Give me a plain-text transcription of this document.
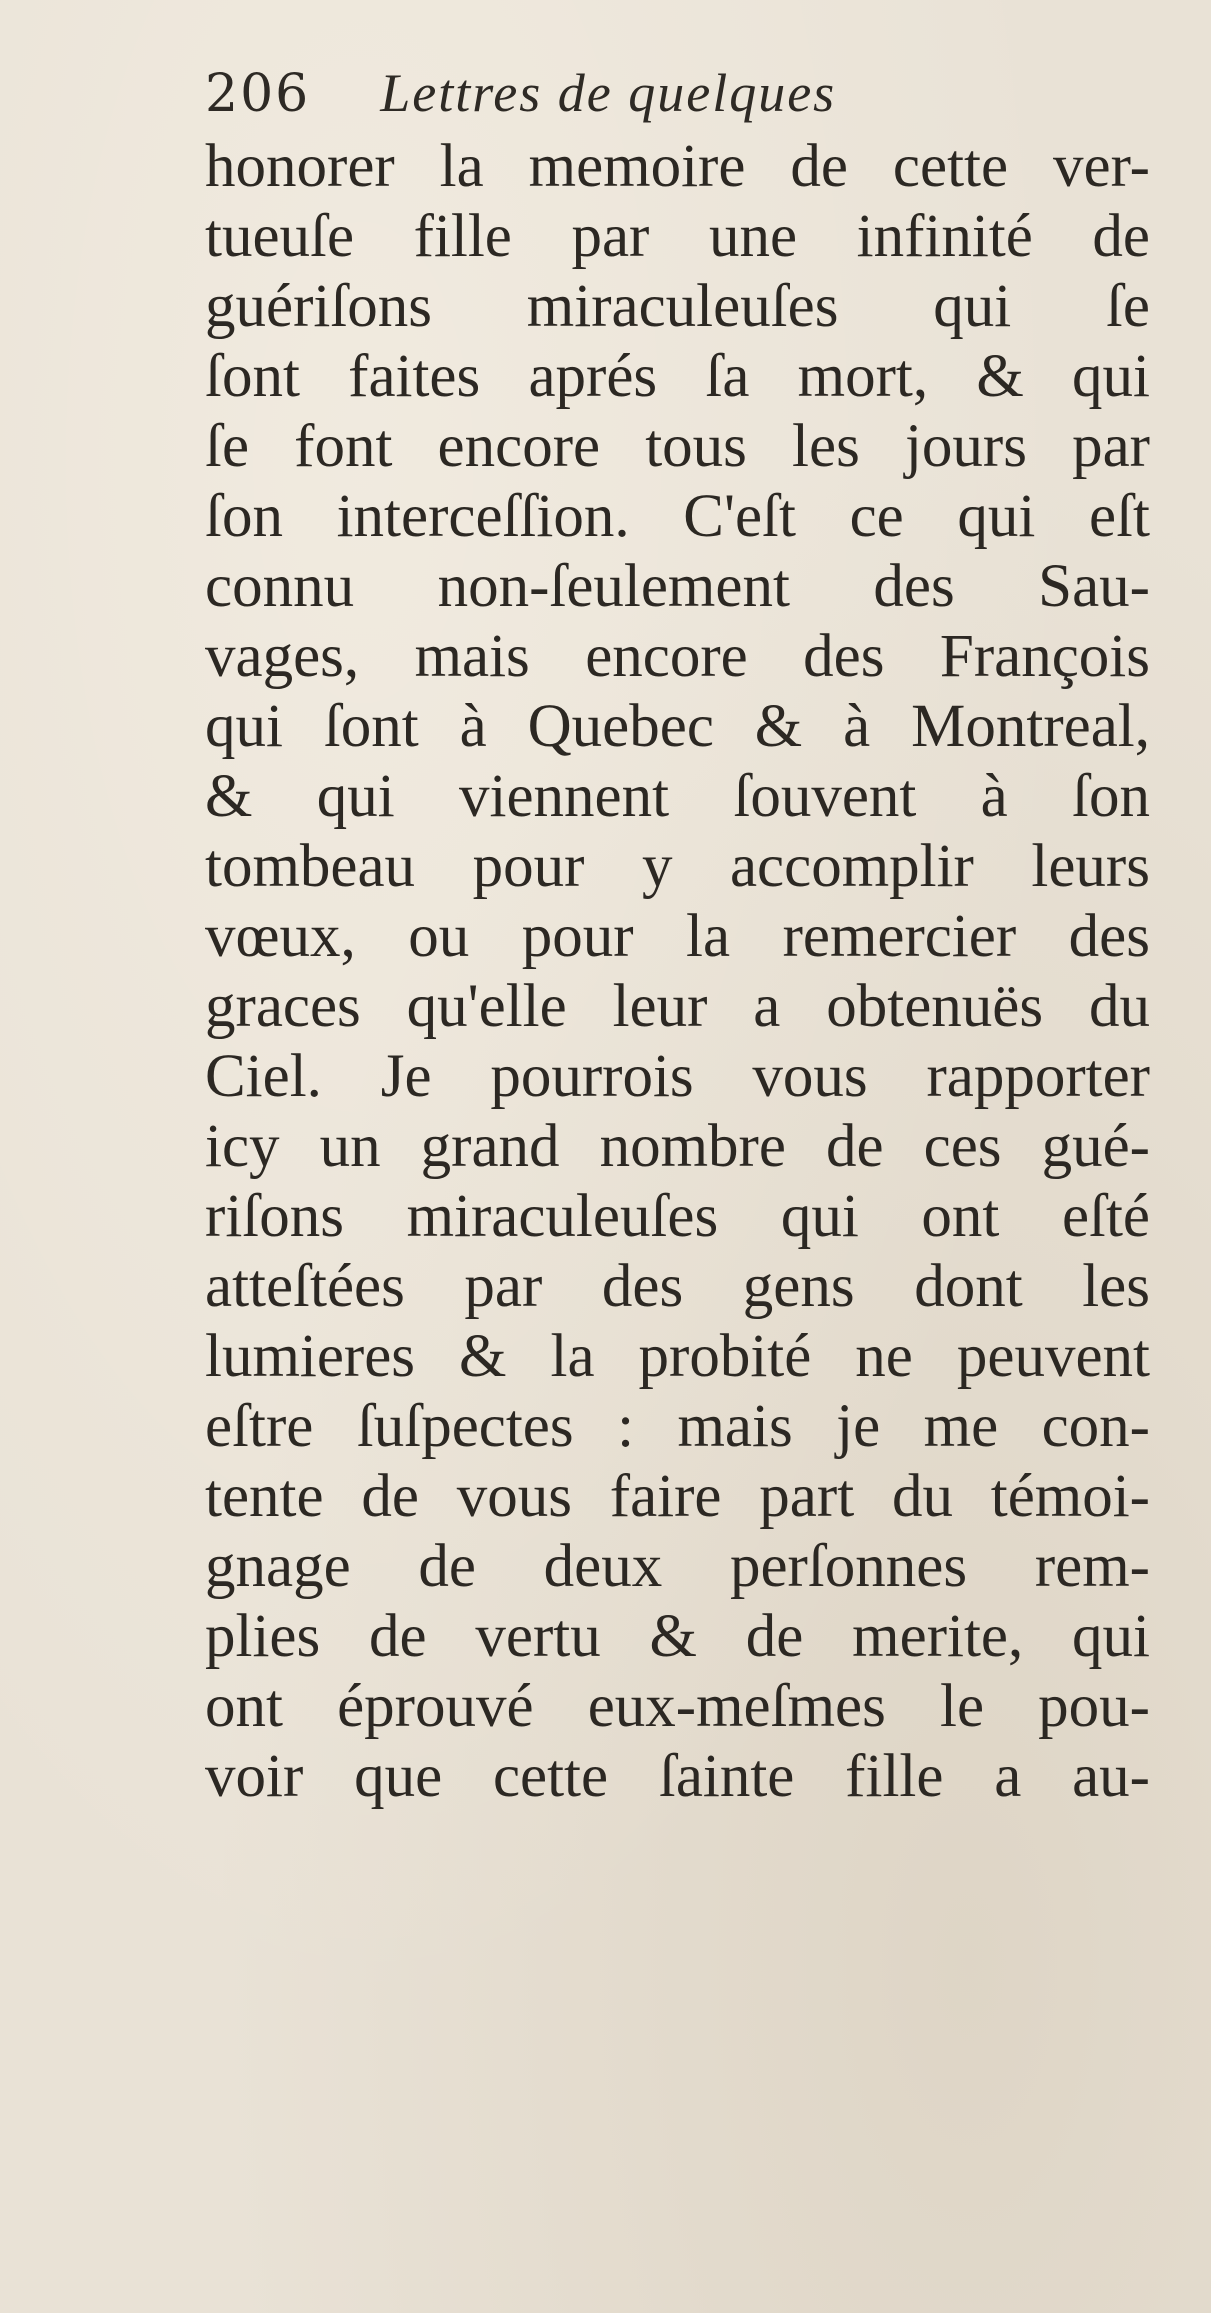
206 Lettres de quelques
honorer la memoire de cette ver-
tueuſe fille par une infinité de
guériſons miraculeuſes qui ſe
ſont faites aprés ſa mort, & qui
ſe font encore tous les jours par
ſon interceſſion. C'eſt ce qui eſt
connu non-ſeulement des Sau-
vages, mais encore des François
qui ſont à Quebec & à Montreal,
& qui viennent ſouvent à ſon
tombeau pour y accomplir leurs
vœux, ou pour la remercier des
graces qu'elle leur a obtenuës du
Ciel. Je pourrois vous rapporter
icy un grand nombre de ces gué-
riſons miraculeuſes qui ont eſté
atteſtées par des gens dont les
lumieres & la probité ne peuvent
eſtre ſuſpectes : mais je me con-
tente de vous faire part du témoi-
gnage de deux perſonnes rem-
plies de vertu & de merite, qui
ont éprouvé eux-meſmes le pou-
voir que cette ſainte fille a au-
